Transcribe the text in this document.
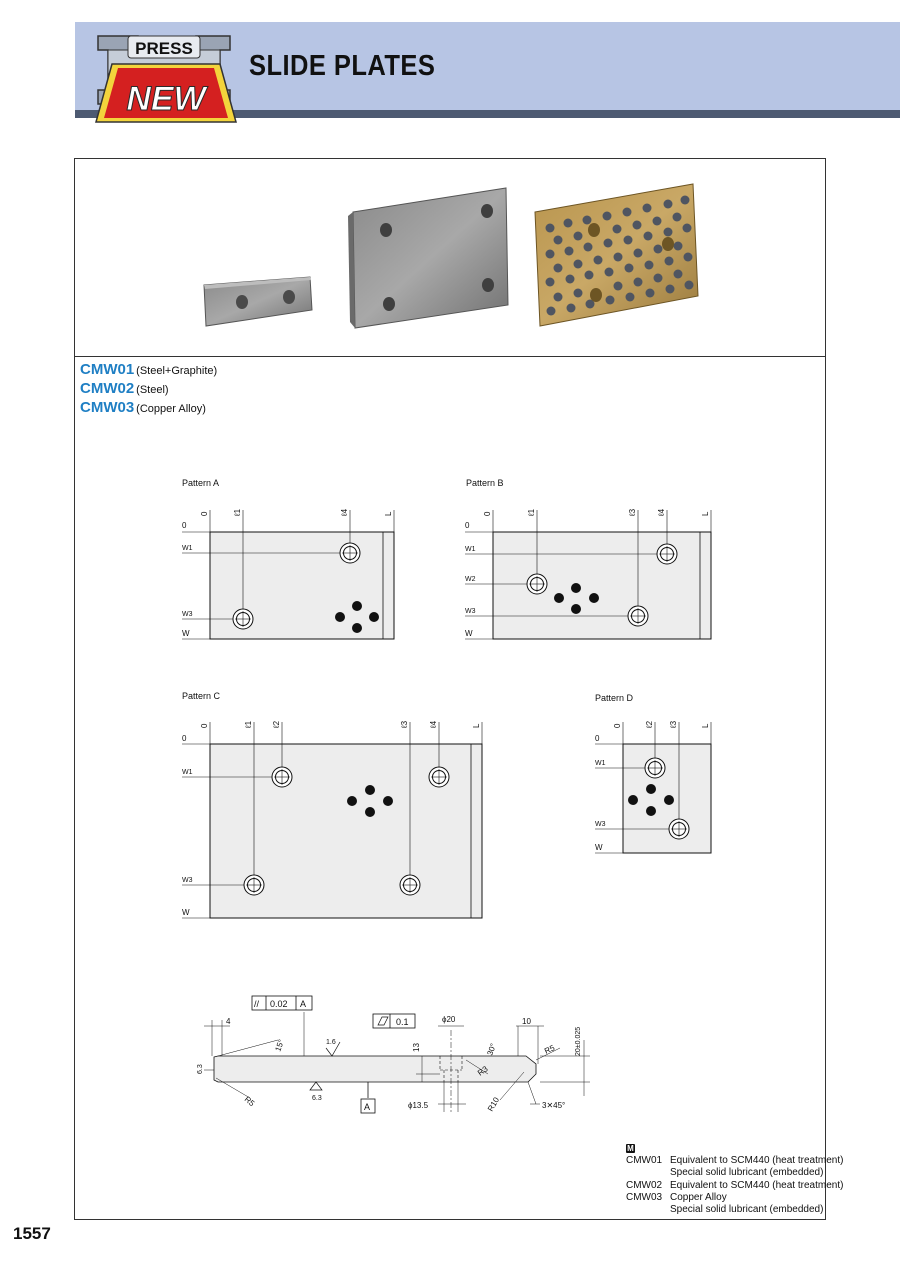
PRESS
NEW
SLIDE PLATES
CMW01 (Steel+Graphite)
CMW02 (Steel)
CMW03 (Copper Alloy)
Pattern A
0	ℓ1	ℓ4	L
0
W1
W3
W
Pattern B
0	ℓ1	ℓ3	ℓ4	L
0
W1
W2
W3
W
Pattern C
0	ℓ1 ℓ2	ℓ3	ℓ4	L
0
W1
W3
W
Pattern D
0	ℓ2 ℓ3	L
0
W1
W3
W
// 0.02 A
0.1
A
4
15°	1.6
13
ϕ20
30°
10
R5	20±0.025
6.3
R5	6.3
ϕ13.5
R3
R10	3✕45°
M
CMW01	Equivalent to SCM440 (heat treatment)
	Special solid lubricant (embedded)
CMW02	Equivalent to SCM440 (heat treatment)
CMW03	Copper Alloy
	Special solid lubricant (embedded)
1557
